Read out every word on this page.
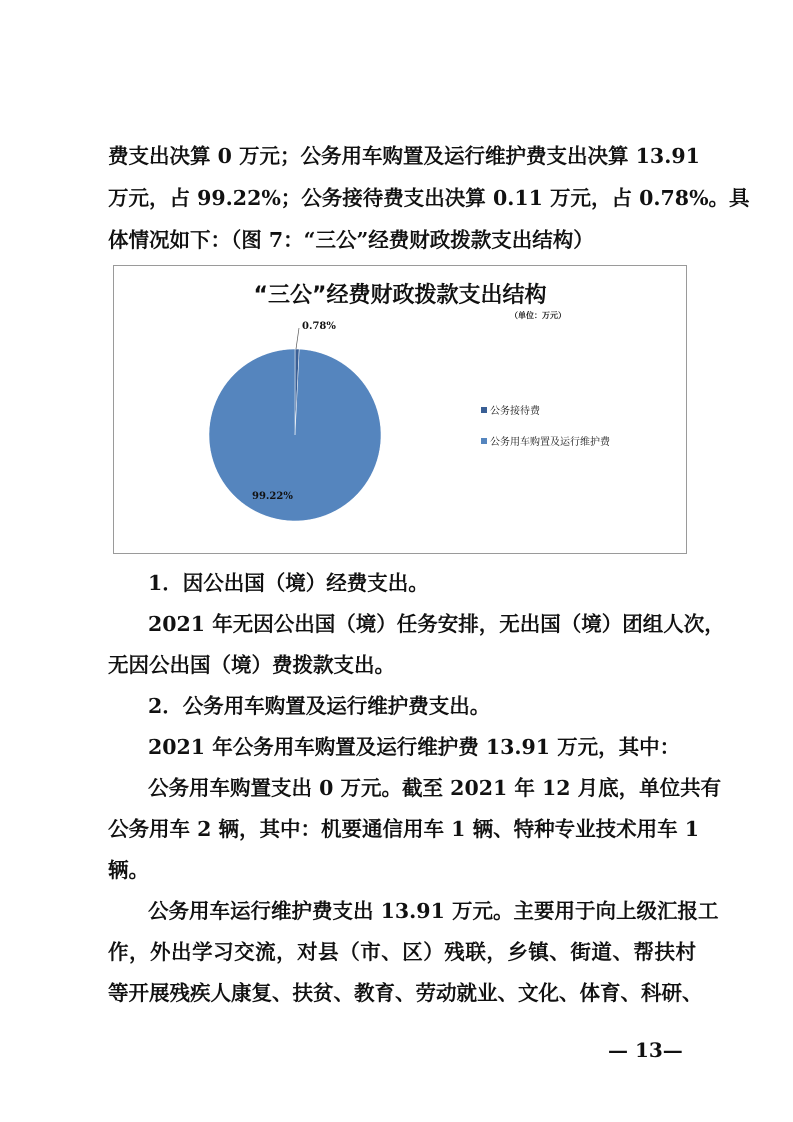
费支出决算 0 万元；公务用车购置及运行维护费支出决算 13.91
万元，占 99.22%；公务接待费支出决算 0.11 万元，占 0.78%。具
体情况如下：（图 7：“三公”经费财政拨款支出结构）
“三公”经费财政拨款支出结构
（单位：万元）
0.78%
99.22%
公务接待费
公务用车购置及运行维护费
1．因公出国（境）经费支出。
2021 年无因公出国（境）任务安排，无出国（境）团组人次，
无因公出国（境）费拨款支出。
2．公务用车购置及运行维护费支出。
2021 年公务用车购置及运行维护费 13.91 万元，其中：
公务用车购置支出 0 万元。截至 2021 年 12 月底，单位共有
公务用车 2 辆，其中：机要通信用车 1 辆、特种专业技术用车 1
辆。
公务用车运行维护费支出 13.91 万元。主要用于向上级汇报工
作，外出学习交流，对县（市、区）残联，乡镇、街道、帮扶村
等开展残疾人康复、扶贫、教育、劳动就业、文化、体育、科研、
— 13—
